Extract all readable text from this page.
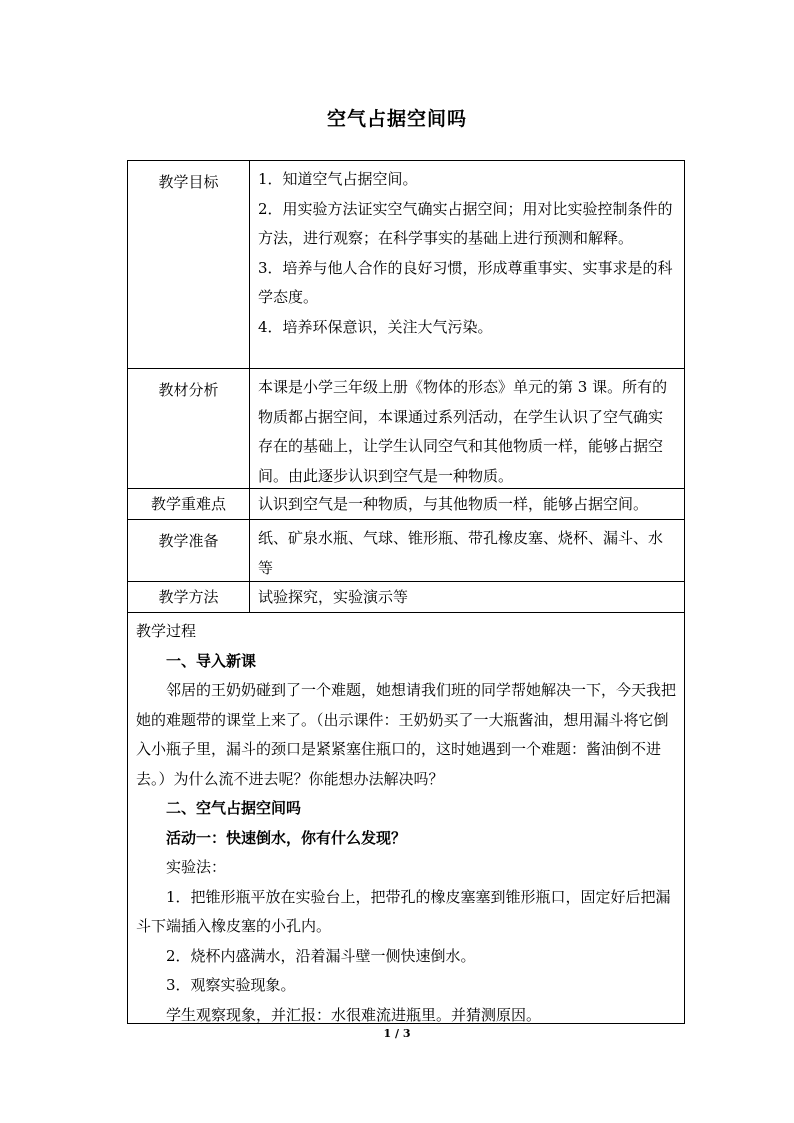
空气占据空间吗
教学目标	1．知道空气占据空间。

2．用实验方法证实空气确实占据空间；用对比实验控制条件的方法，进行观察；在科学事实的基础上进行预测和解释。

3．培养与他人合作的良好习惯，形成尊重事实、实事求是的科学态度。

4．培养环保意识，关注大气污染。

教材分析	本课是小学三年级上册《物体的形态》单元的第 3 课。所有的物质都占据空间，本课通过系列活动，在学生认识了空气确实存在的基础上，让学生认同空气和其他物质一样，能够占据空间。由此逐步认识到空气是一种物质。

教学重难点	认识到空气是一种物质，与其他物质一样，能够占据空间。

教学准备	纸、矿泉水瓶、气球、锥形瓶、带孔橡皮塞、烧杯、漏斗、水等

教学方法	试验探究，实验演示等

教学过程

一、导入新课

邻居的王奶奶碰到了一个难题，她想请我们班的同学帮她解决一下，今天我把她的难题带的课堂上来了。（出示课件：王奶奶买了一大瓶酱油，想用漏斗将它倒入小瓶子里，漏斗的颈口是紧紧塞住瓶口的，这时她遇到一个难题：酱油倒不进去。）为什么流不进去呢？你能想办法解决吗？

二、空气占据空间吗

活动一：快速倒水，你有什么发现？

实验法：

1．把锥形瓶平放在实验台上，把带孔的橡皮塞塞到锥形瓶口，固定好后把漏斗下端插入橡皮塞的小孔内。

2．烧杯内盛满水，沿着漏斗壁一侧快速倒水。

3．观察实验现象。

学生观察现象，并汇报：水很难流进瓶里。并猜测原因。

1 / 3
